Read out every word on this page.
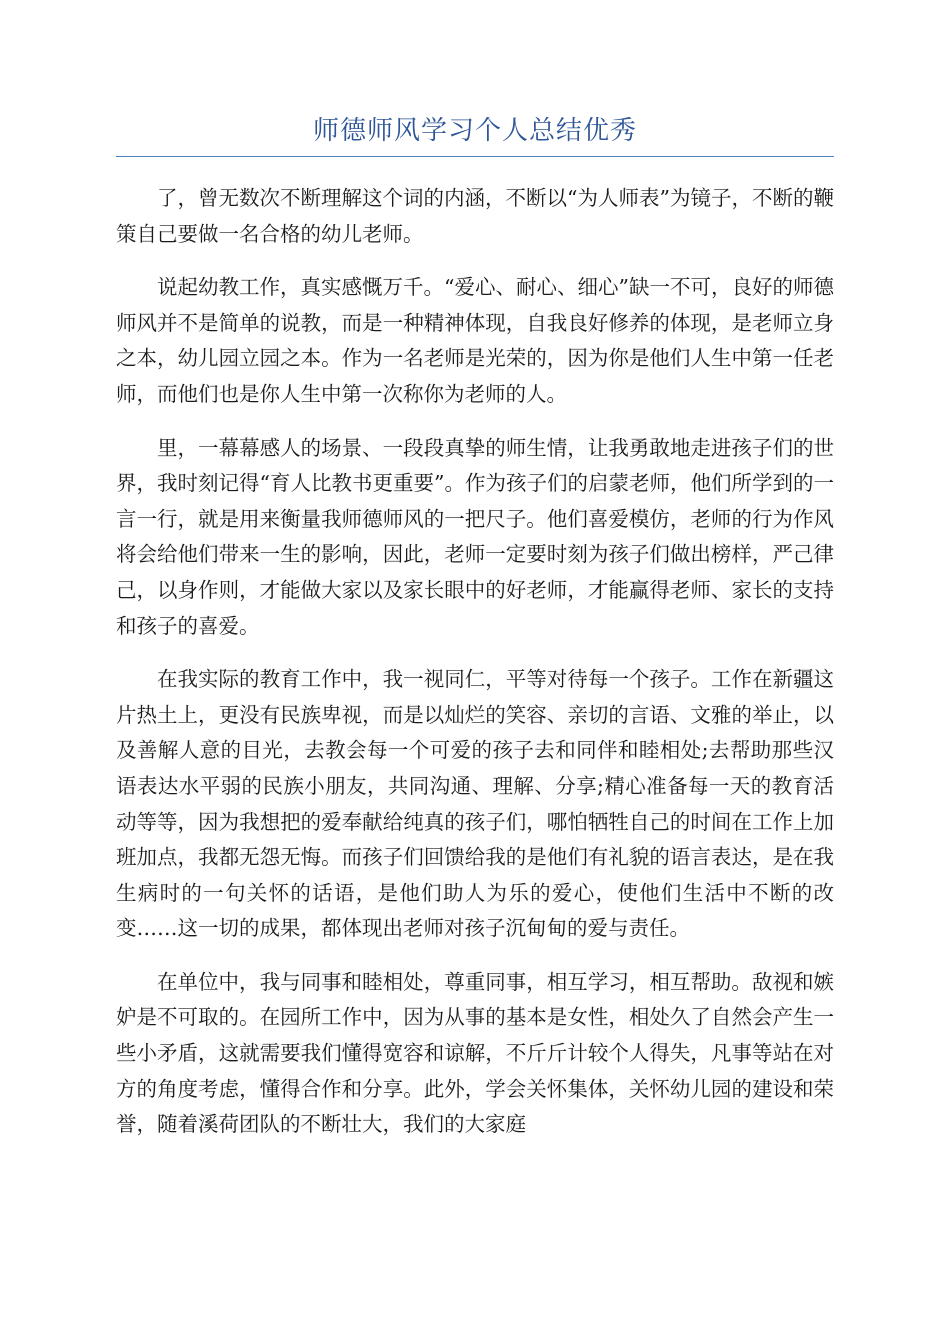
师德师风学习个人总结优秀

了，曾无数次不断理解这个词的内涵，不断以“为人师表”为镜子，不断的鞭策自己要做一名合格的幼儿老师。

说起幼教工作，真实感慨万千。“爱心、耐心、细心”缺一不可，良好的师德师风并不是简单的说教，而是一种精神体现，自我良好修养的体现，是老师立身之本，幼儿园立园之本。作为一名老师是光荣的，因为你是他们人生中第一任老师，而他们也是你人生中第一次称你为老师的人。

里，一幕幕感人的场景、一段段真挚的师生情，让我勇敢地走进孩子们的世界，我时刻记得“育人比教书更重要”。作为孩子们的启蒙老师，他们所学到的一言一行，就是用来衡量我师德师风的一把尺子。他们喜爱模仿，老师的行为作风将会给他们带来一生的影响，因此，老师一定要时刻为孩子们做出榜样，严己律己，以身作则，才能做大家以及家长眼中的好老师，才能赢得老师、家长的支持和孩子的喜爱。

在我实际的教育工作中，我一视同仁，平等对待每一个孩子。工作在新疆这片热土上，更没有民族卑视，而是以灿烂的笑容、亲切的言语、文雅的举止，以及善解人意的目光，去教会每一个可爱的孩子去和同伴和睦相处;去帮助那些汉语表达水平弱的民族小朋友，共同沟通、理解、分享;精心准备每一天的教育活动等等，因为我想把的爱奉献给纯真的孩子们，哪怕牺牲自己的时间在工作上加班加点，我都无怨无悔。而孩子们回馈给我的是他们有礼貌的语言表达，是在我生病时的一句关怀的话语，是他们助人为乐的爱心，使他们生活中不断的改变……这一切的成果，都体现出老师对孩子沉甸甸的爱与责任。

在单位中，我与同事和睦相处，尊重同事，相互学习，相互帮助。敌视和嫉妒是不可取的。在园所工作中，因为从事的基本是女性，相处久了自然会产生一些小矛盾，这就需要我们懂得宽容和谅解，不斤斤计较个人得失，凡事等站在对方的角度考虑，懂得合作和分享。此外，学会关怀集体，关怀幼儿园的建设和荣誉，随着溪荷团队的不断壮大，我们的大家庭
